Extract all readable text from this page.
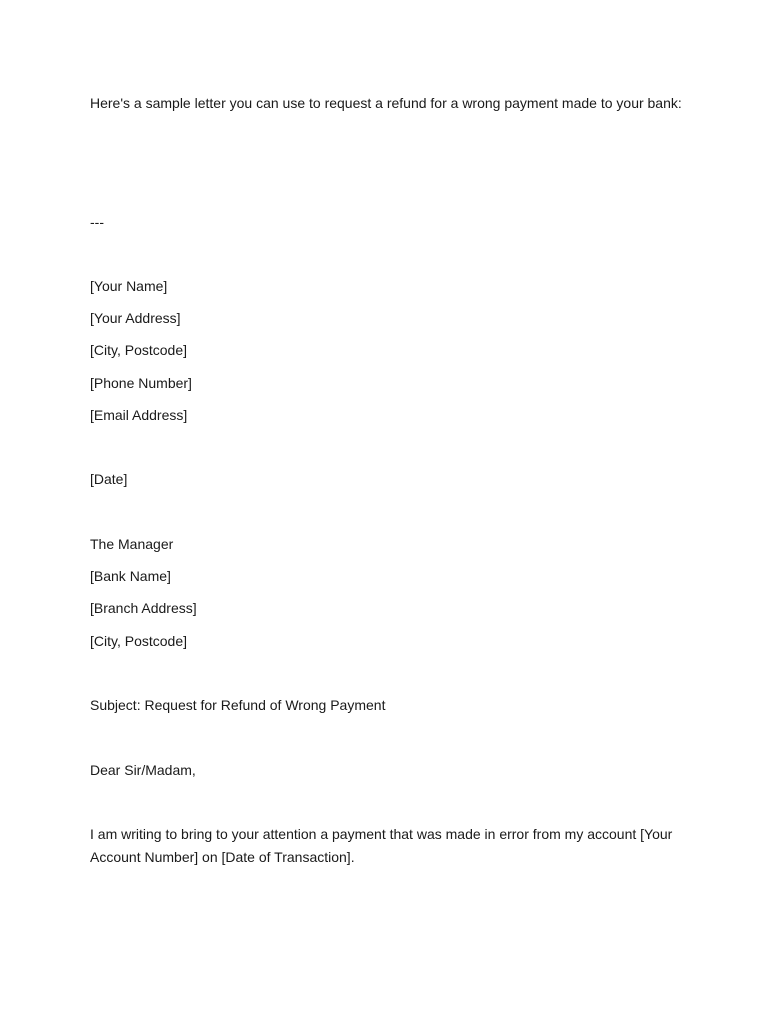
Here's a sample letter you can use to request a refund for a wrong payment made to your bank:

---

[Your Name]
[Your Address]
[City, Postcode]
[Phone Number]
[Email Address]
[Date]
The Manager
[Bank Name]
[Branch Address]
[City, Postcode]
Subject: Request for Refund of Wrong Payment
Dear Sir/Madam,

I am writing to bring to your attention a payment that was made in error from my account [Your Account Number] on [Date of Transaction].
